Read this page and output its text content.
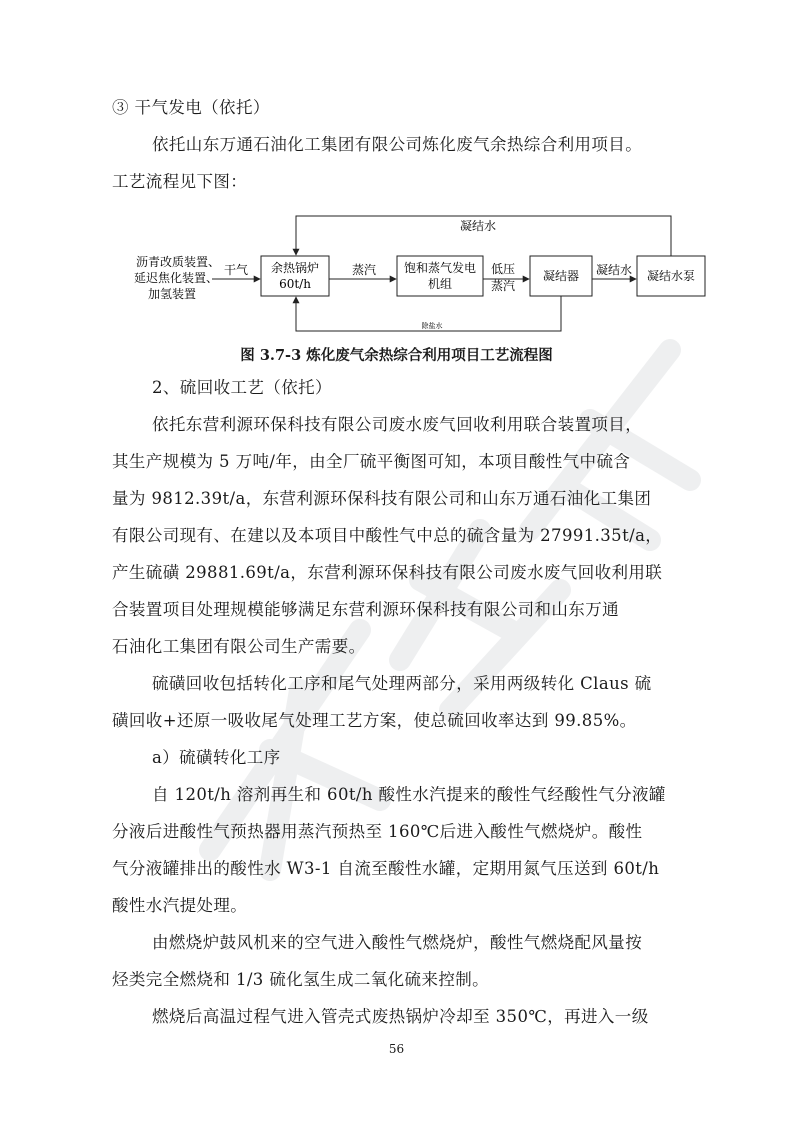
③ 干气发电（依托）
依托山东万通石油化工集团有限公司炼化废气余热综合利用项目。
工艺流程见下图：
沥青改质装置、
延迟焦化装置、
加氢装置
干气 余热锅炉
60t/h
蒸汽 饱和蒸气发电
机组
低压
蒸汽
凝结器 凝结水 凝结水泵
凝结水
除盐水
图 3.7-3 炼化废气余热综合利用项目工艺流程图
2、硫回收工艺（依托）
依托东营利源环保科技有限公司废水废气回收利用联合装置项目，
其生产规模为 5 万吨/年，由全厂硫平衡图可知，本项目酸性气中硫含
量为 9812.39t/a，东营利源环保科技有限公司和山东万通石油化工集团
有限公司现有、在建以及本项目中酸性气中总的硫含量为 27991.35t/a，
产生硫磺 29881.69t/a，东营利源环保科技有限公司废水废气回收利用联
合装置项目处理规模能够满足东营利源环保科技有限公司和山东万通
石油化工集团有限公司生产需要。
硫磺回收包括转化工序和尾气处理两部分，采用两级转化 Claus 硫
磺回收+还原一吸收尾气处理工艺方案，使总硫回收率达到 99.85%。
a）硫磺转化工序
自 120t/h 溶剂再生和 60t/h 酸性水汽提来的酸性气经酸性气分液罐
分液后进酸性气预热器用蒸汽预热至 160℃后进入酸性气燃烧炉。酸性
气分液罐排出的酸性水 W3-1 自流至酸性水罐，定期用氮气压送到 60t/h
酸性水汽提处理。
由燃烧炉鼓风机来的空气进入酸性气燃烧炉，酸性气燃烧配风量按
烃类完全燃烧和 1/3 硫化氢生成二氧化硫来控制。
燃烧后高温过程气进入管壳式废热锅炉冷却至 350℃，再进入一级
56
